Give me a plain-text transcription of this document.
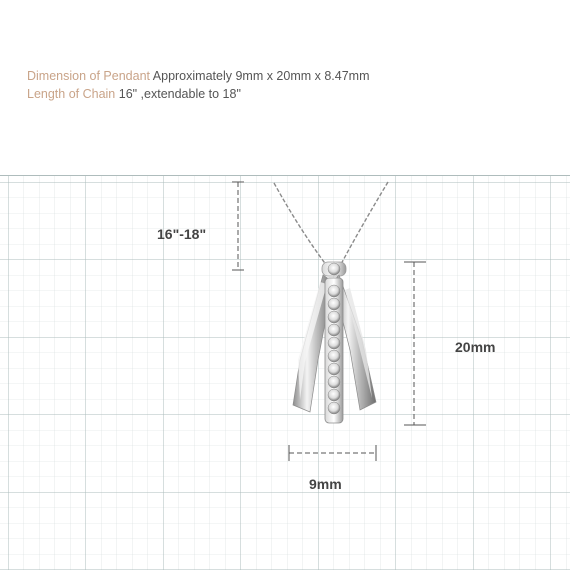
Dimension of Pendant Approximately 9mm x 20mm x 8.47mm
Length of Chain 16" ,extendable to 18"
16"-18"
20mm
9mm
